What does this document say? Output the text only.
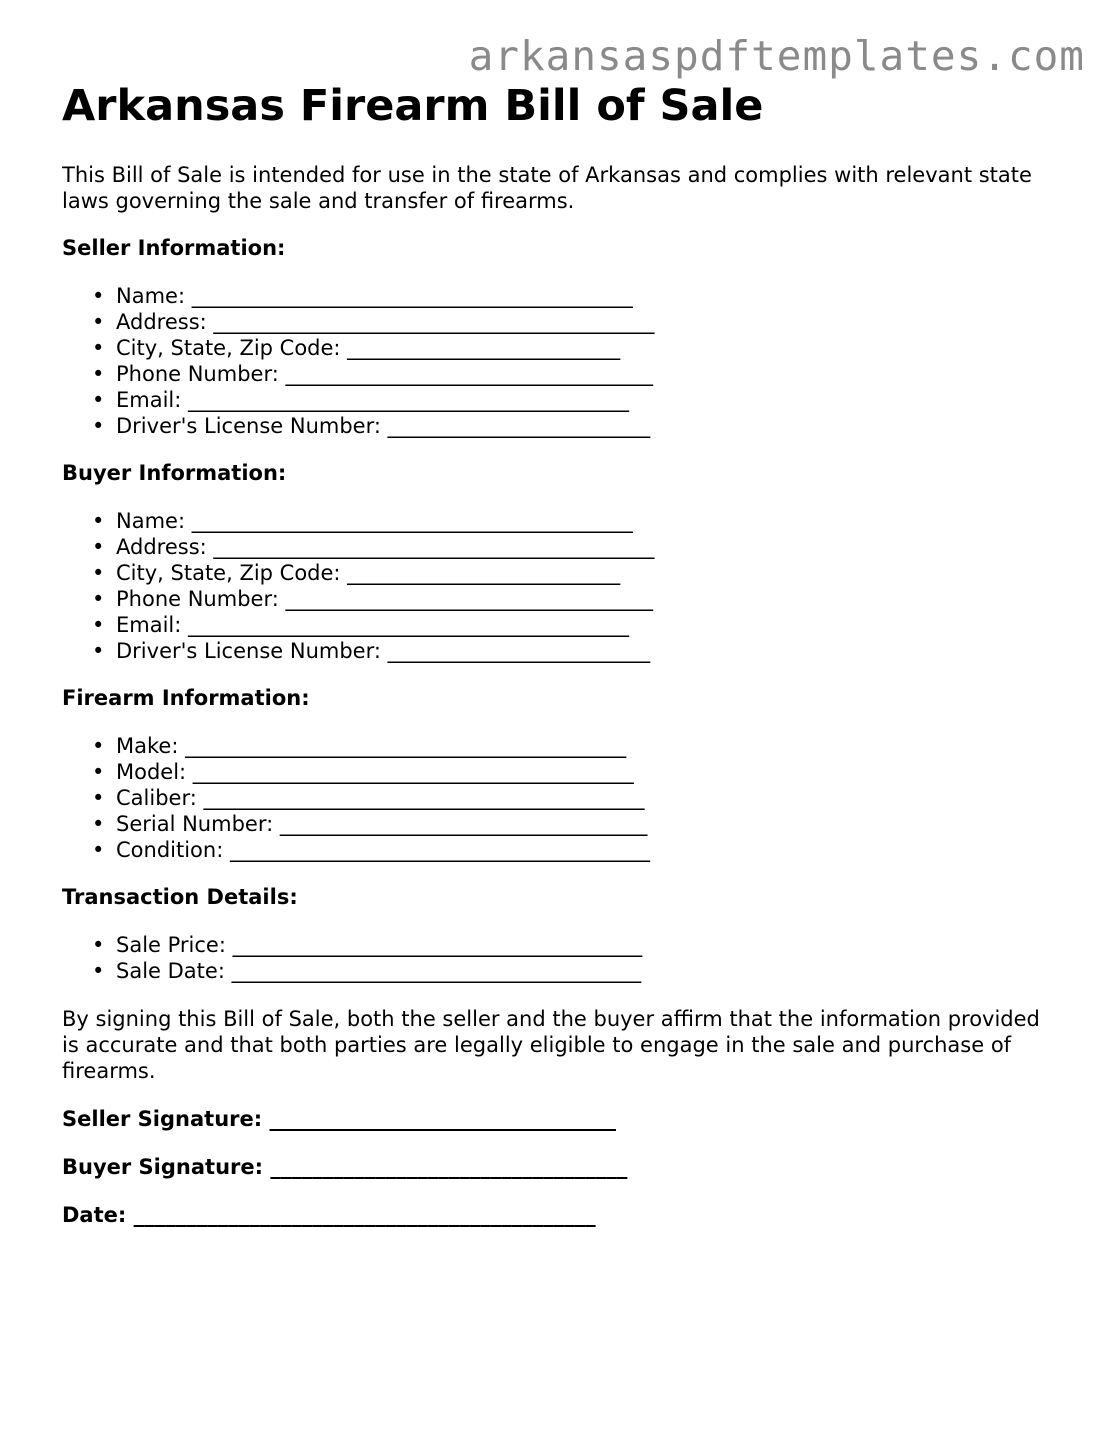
arkansaspdftemplates.com
Arkansas Firearm Bill of Sale

This Bill of Sale is intended for use in the state of Arkansas and complies with relevant state laws governing the sale and transfer of firearms.

Seller Information:
• Name: __________________________________________
• Address: __________________________________________
• City, State, Zip Code: __________________________
• Phone Number: ___________________________________
• Email: __________________________________________
• Driver's License Number: _________________________
Buyer Information:
• Name: __________________________________________
• Address: __________________________________________
• City, State, Zip Code: __________________________
• Phone Number: ___________________________________
• Email: __________________________________________
• Driver's License Number: _________________________
Firearm Information:
• Make: __________________________________________
• Model: __________________________________________
• Caliber: __________________________________________
• Serial Number: ___________________________________
• Condition: ________________________________________
Transaction Details:
• Sale Price: _______________________________________
• Sale Date: _______________________________________

By signing this Bill of Sale, both the seller and the buyer affirm that the information provided is accurate and that both parties are legally eligible to engage in the sale and purchase of firearms.

Seller Signature: _________________________________

Buyer Signature: __________________________________

Date: ____________________________________________
